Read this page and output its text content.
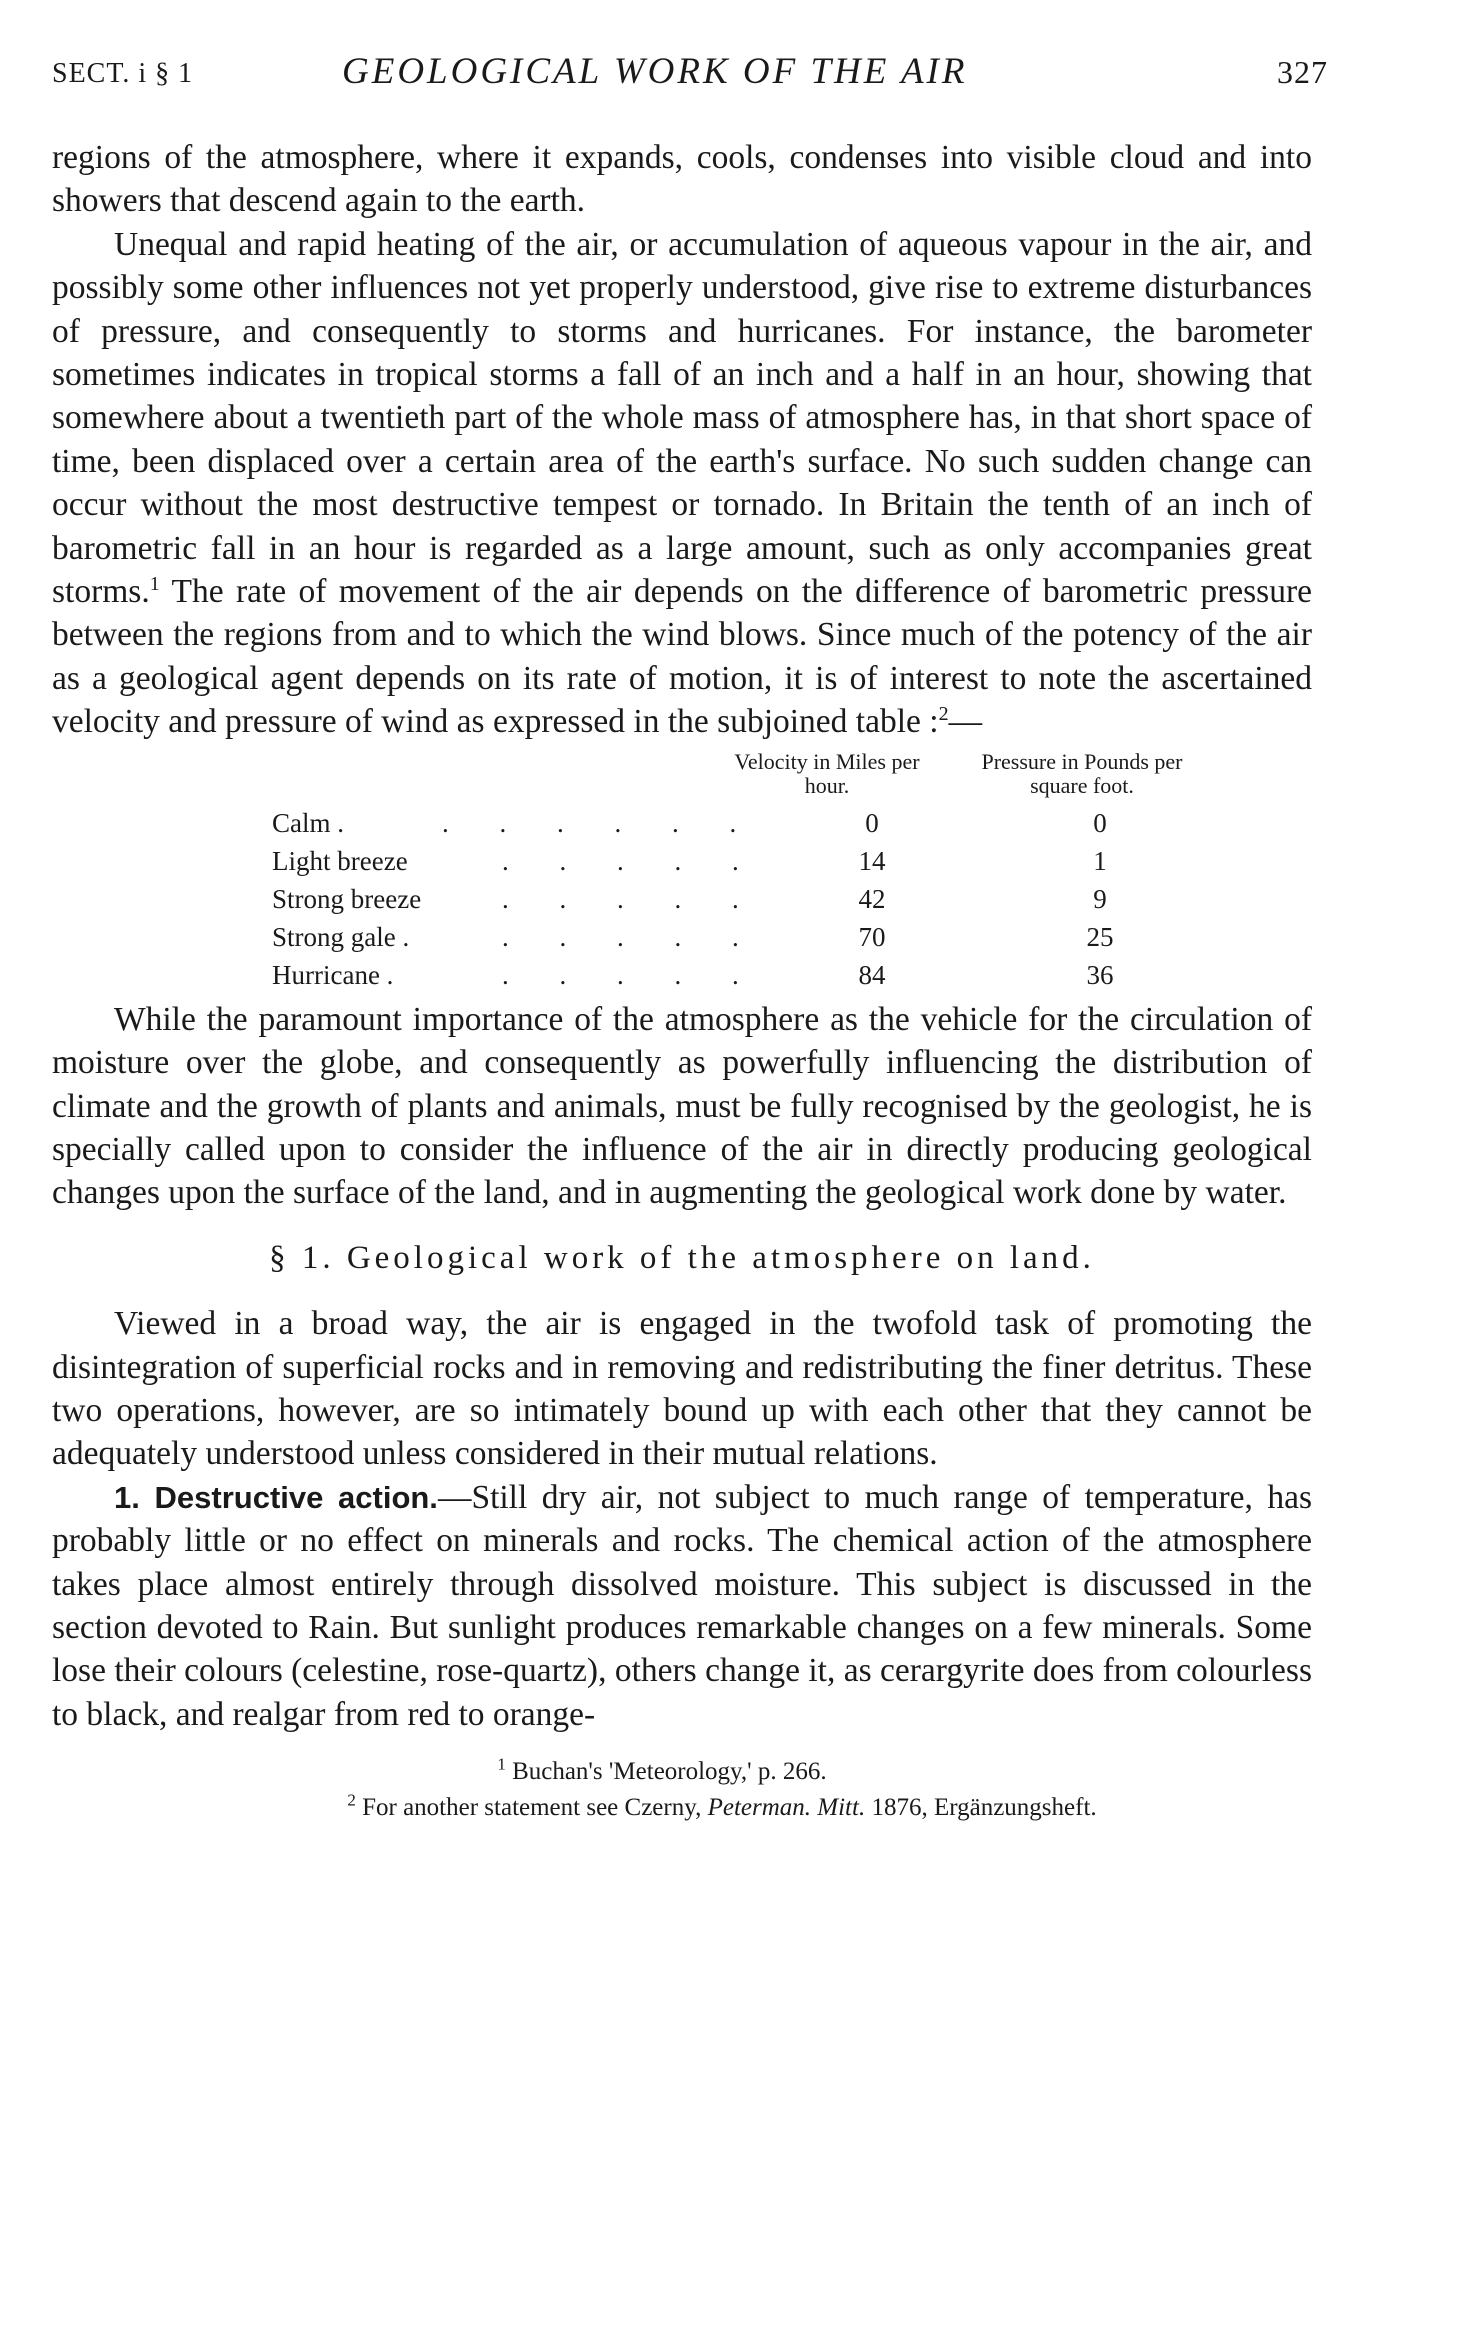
SECT. i § 1	GEOLOGICAL WORK OF THE AIR	327

regions of the atmosphere, where it expands, cools, condenses into visible cloud and into showers that descend again to the earth.

Unequal and rapid heating of the air, or accumulation of aqueous vapour in the air, and possibly some other influences not yet properly understood, give rise to extreme disturbances of pressure, and consequently to storms and hurricanes. For instance, the barometer sometimes indicates in tropical storms a fall of an inch and a half in an hour, showing that somewhere about a twentieth part of the whole mass of atmosphere has, in that short space of time, been displaced over a certain area of the earth's surface. No such sudden change can occur without the most destructive tempest or tornado. In Britain the tenth of an inch of barometric fall in an hour is regarded as a large amount, such as only accompanies great storms.$^1$ The rate of movement of the air depends on the difference of barometric pressure between the regions from and to which the wind blows. Since much of the potency of the air as a geological agent depends on its rate of motion, it is of interest to note the ascertained velocity and pressure of wind as expressed in the subjoined table :$^2$—

Velocity in Miles per hour.
Pressure in Pounds per square foot.
Calm .	. . . . . .	0	0
Light breeze	. . . . .	14	1
Strong breeze	. . . . .	42	9
Strong gale .	. . . . .	70	25
Hurricane .	. . . . .	84	36

While the paramount importance of the atmosphere as the vehicle for the circulation of moisture over the globe, and consequently as powerfully influencing the distribution of climate and the growth of plants and animals, must be fully recognised by the geologist, he is specially called upon to consider the influence of the air in directly producing geological changes upon the surface of the land, and in augmenting the geological work done by water.

§ 1. Geological work of the atmosphere on land.

Viewed in a broad way, the air is engaged in the twofold task of promoting the disintegration of superficial rocks and in removing and redistributing the finer detritus. These two operations, however, are so intimately bound up with each other that they cannot be adequately understood unless considered in their mutual relations.

1. Destructive action.—Still dry air, not subject to much range of temperature, has probably little or no effect on minerals and rocks. The chemical action of the atmosphere takes place almost entirely through dissolved moisture. This subject is discussed in the section devoted to Rain. But sunlight produces remarkable changes on a few minerals. Some lose their colours (celestine, rose-quartz), others change it, as cerargyrite does from colourless to black, and realgar from red to orange-

$^1$ Buchan's 'Meteorology,' p. 266.
$^2$ For another statement see Czerny, Peterman. Mitt. 1876, Ergänzungsheft.
